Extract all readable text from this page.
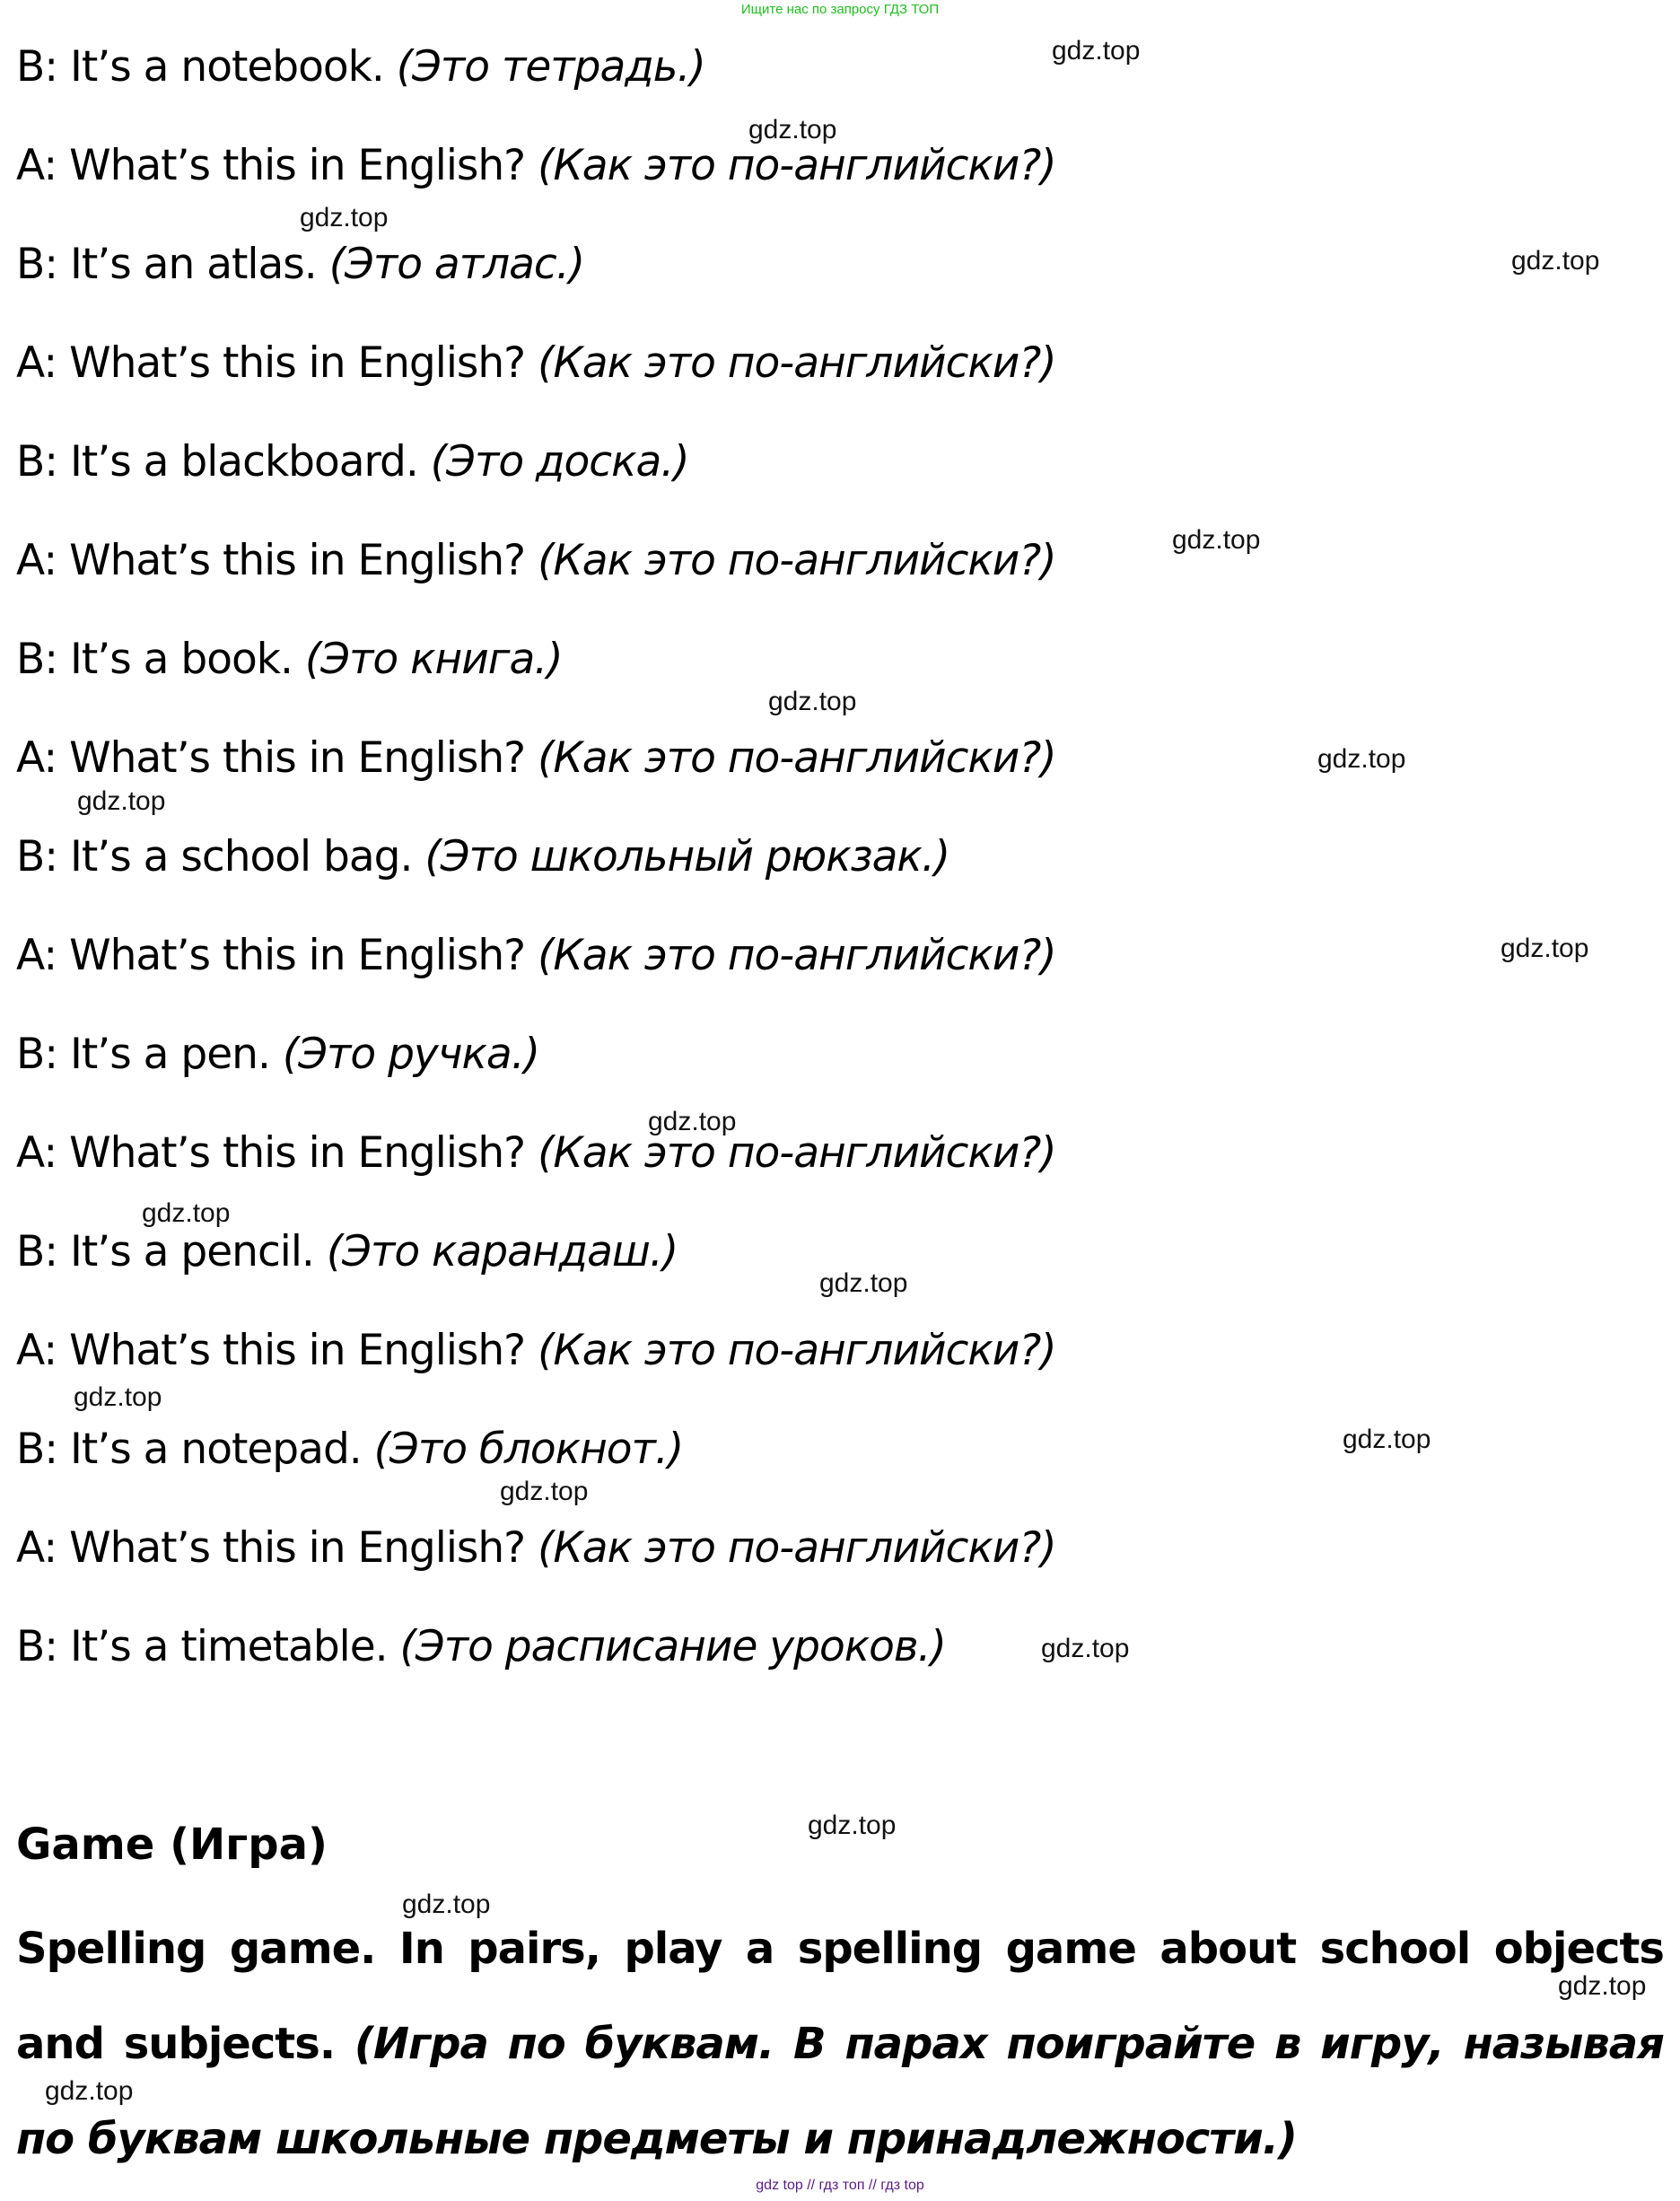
Ищите нас по запросу ГДЗ ТОП
B: It’s a notebook. (Это тетрадь.)
A: What’s this in English? (Как это по-английски?)
B: It’s an atlas. (Это атлас.)
A: What’s this in English? (Как это по-английски?)
B: It’s a blackboard. (Это доска.)
A: What’s this in English? (Как это по-английски?)
B: It’s a book. (Это книга.)
A: What’s this in English? (Как это по-английски?)
B: It’s a school bag. (Это школьный рюкзак.)
A: What’s this in English? (Как это по-английски?)
B: It’s a pen. (Это ручка.)
A: What’s this in English? (Как это по-английски?)
B: It’s a pencil. (Это карандаш.)
A: What’s this in English? (Как это по-английски?)
B: It’s a notepad. (Это блокнот.)
A: What’s this in English? (Как это по-английски?)
B: It’s a timetable. (Это расписание уроков.)
Game (Игра)
Spelling game. In pairs, play a spelling game about school objects and subjects. (Игра по буквам. В парах поиграйте в игру, называя по буквам школьные предметы и принадлежности.)
gdz.top
gdz.top
gdz.top
gdz.top
gdz.top
gdz.top
gdz.top
gdz.top
gdz.top
gdz.top
gdz.top
gdz.top
gdz.top
gdz.top
gdz.top
gdz.top
gdz.top
gdz.top
gdz.top
gdz.top
gdz top // гдз топ // гдз top
